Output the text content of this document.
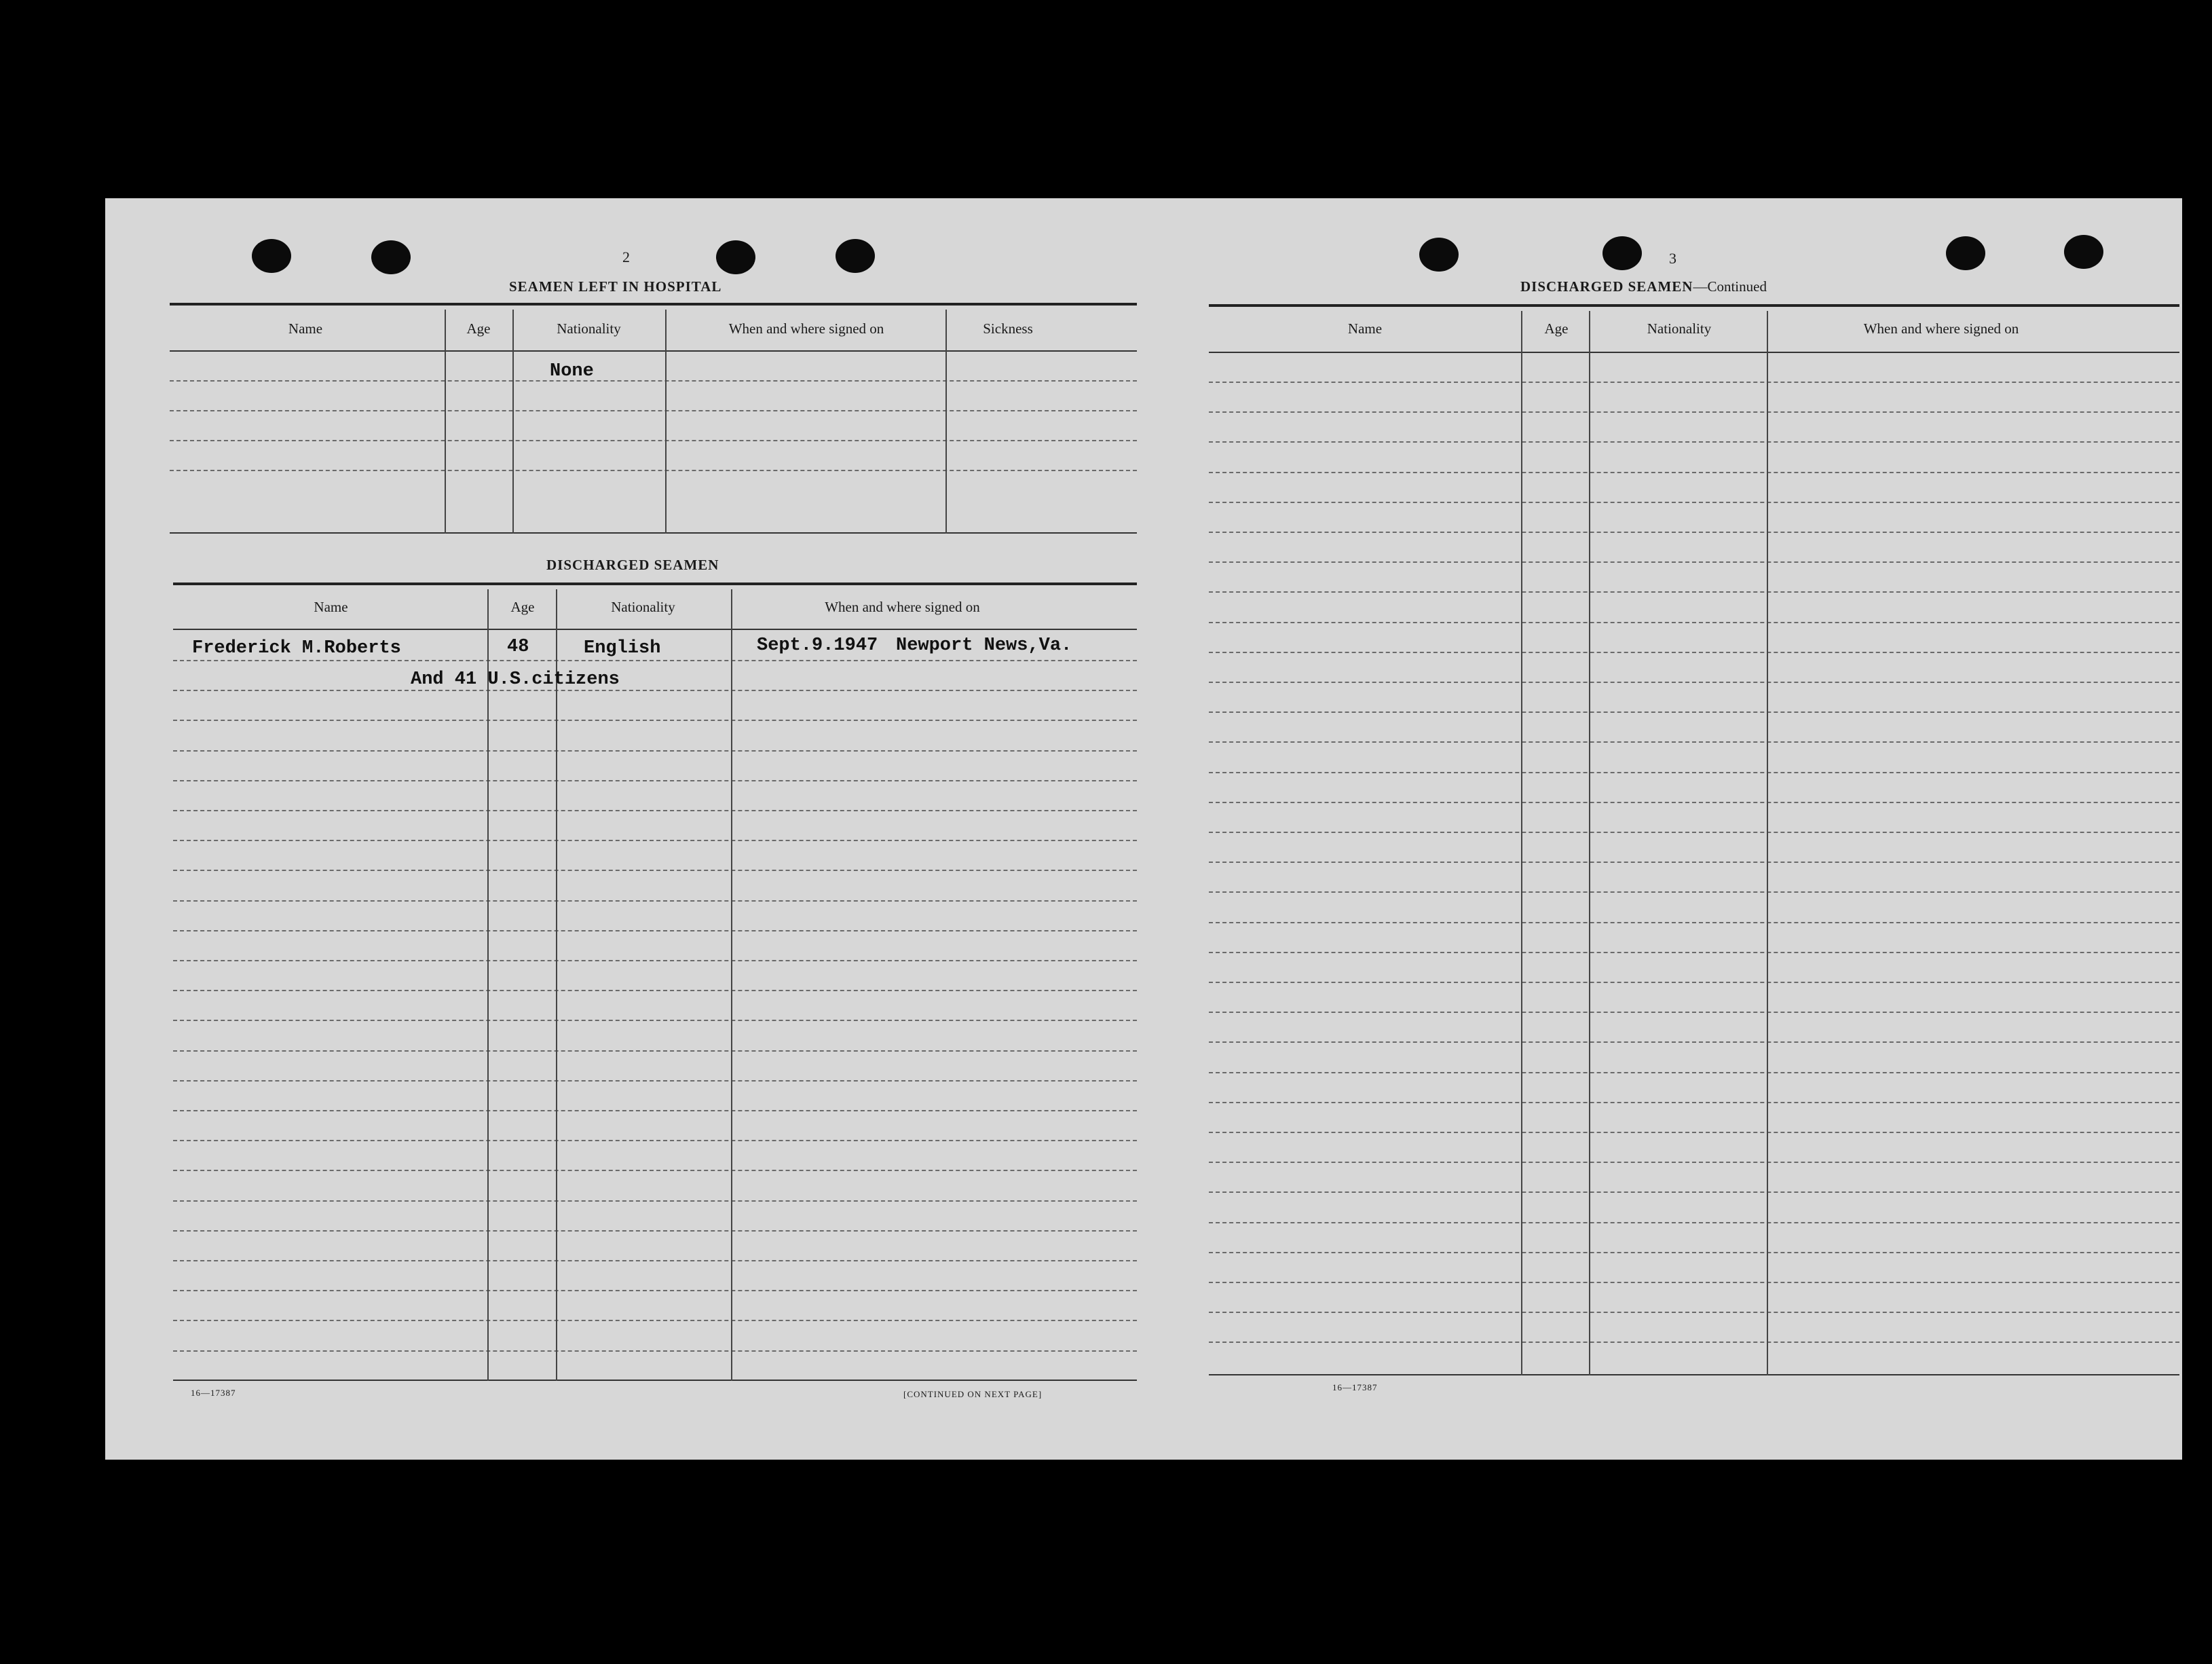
2
SEAMEN LEFT IN HOSPITAL
Name	Age	Nationality	When and where signed on	Sickness
None
DISCHARGED SEAMEN
Name	Age	Nationality	When and where signed on
Frederick M.Roberts	48	English	Sept.9.1947 Newport News,Va.
And 41 U.S.citizens
16—17387	[CONTINUED ON NEXT PAGE]
3
DISCHARGED SEAMEN—Continued
Name	Age	Nationality	When and where signed on
16—17387
